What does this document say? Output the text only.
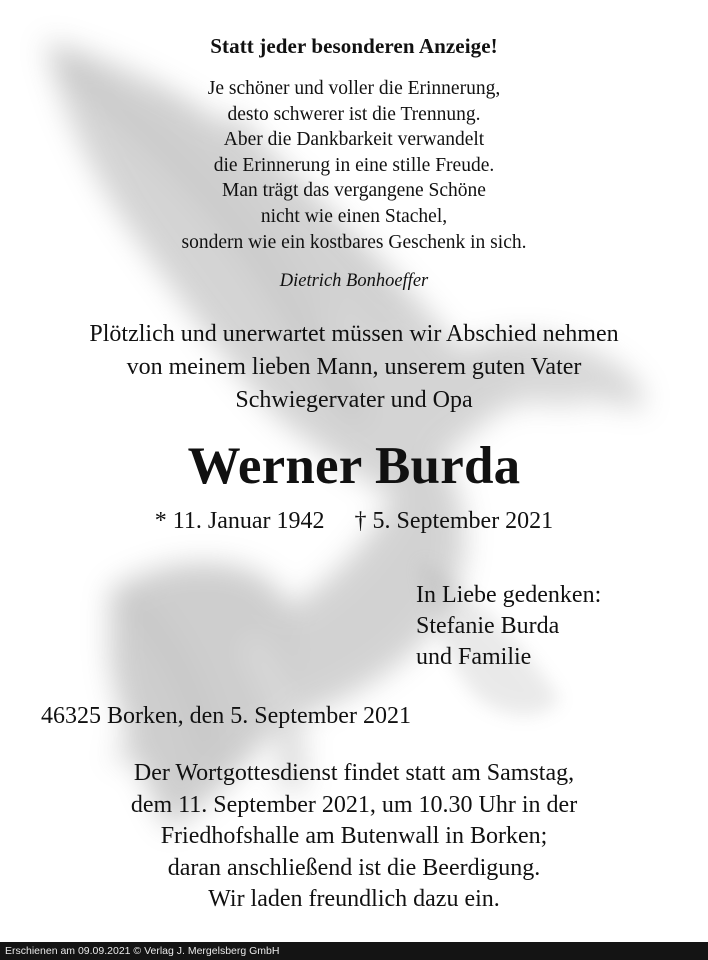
Statt jeder besonderen Anzeige!
Je schöner und voller die Erinnerung,
desto schwerer ist die Trennung.
Aber die Dankbarkeit verwandelt
die Erinnerung in eine stille Freude.
Man trägt das vergangene Schöne
nicht wie einen Stachel,
sondern wie ein kostbares Geschenk in sich.
Dietrich Bonhoeffer
Plötzlich und unerwartet müssen wir Abschied nehmen
von meinem lieben Mann, unserem guten Vater
Schwiegervater und Opa
Werner Burda
* 11. Januar 1942 † 5. September 2021
In Liebe gedenken:
Stefanie Burda
und Familie
46325 Borken, den 5. September 2021
Der Wortgottesdienst findet statt am Samstag,
dem 11. September 2021, um 10.30 Uhr in der
Friedhofshalle am Butenwall in Borken;
daran anschließend ist die Beerdigung.
Wir laden freundlich dazu ein.
Erschienen am 09.09.2021 © Verlag J. Mergelsberg GmbH
